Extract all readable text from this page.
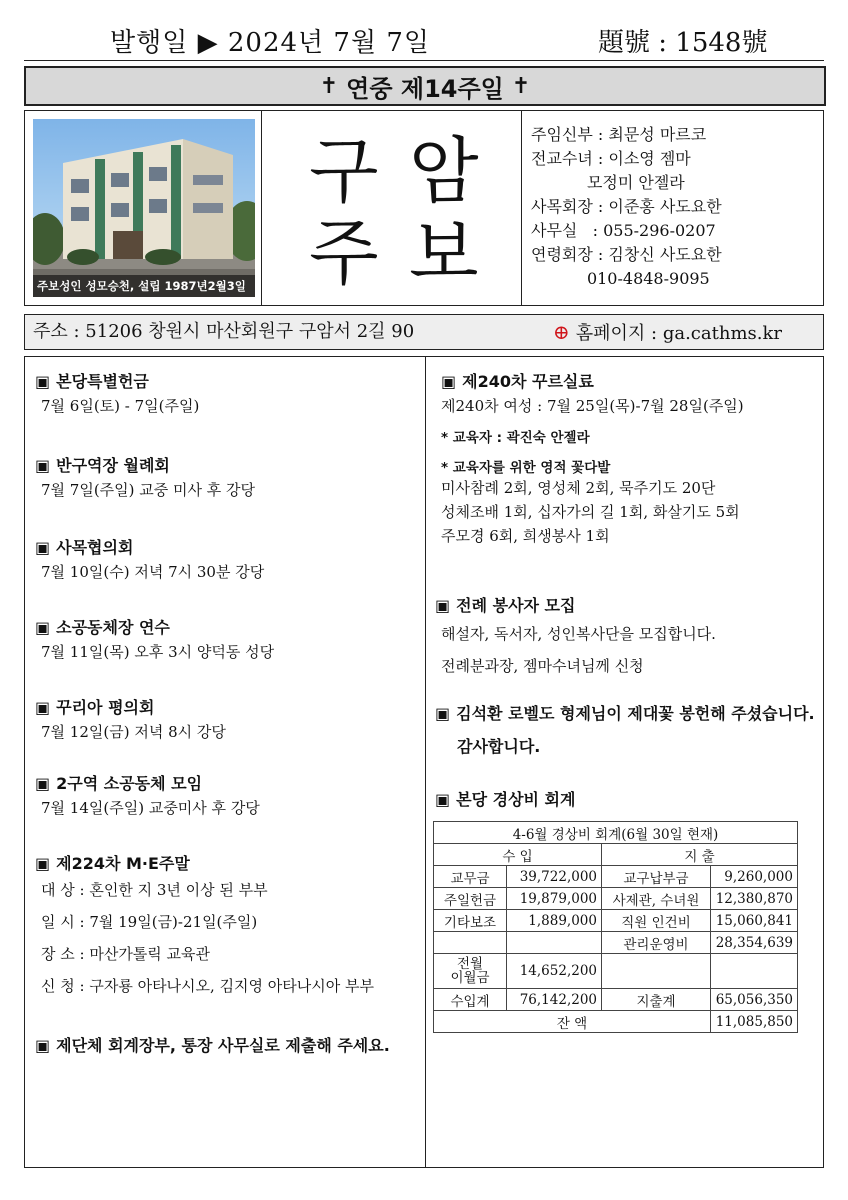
발행일 ▶ 2024년 7월 7일	題號 : 1548號
✝ 연중 제14주일 ✝
주보성인 성모승천, 설립 1987년2월3일
구 암
주 보
주임신부 : 최문성 마르코
전교수녀 : 이소영 젬마
모정미 안젤라
사목회장 : 이준홍 사도요한
사무실   : 055-296-0207
연령회장 : 김창신 사도요한
010-4848-9095
주소 : 51206 창원시 마산회원구 구암서 2길 90	⊕ 홈페이지 : ga.cathms.kr
▣ 본당특별헌금
7월 6일(토) - 7일(주일)
▣ 반구역장 월례회
7월 7일(주일) 교중 미사 후 강당
▣ 사목협의회
7월 10일(수) 저녁 7시 30분 강당
▣ 소공동체장 연수
7월 11일(목) 오후 3시 양덕동 성당
▣ 꾸리아 평의회
7월 12일(금) 저녁 8시 강당
▣ 2구역 소공동체 모임
7월 14일(주일) 교중미사 후 강당
▣ 제224차 M·E주말
대 상 : 혼인한 지 3년 이상 된 부부
일 시 : 7월 19일(금)-21일(주일)
장 소 : 마산가톨릭 교육관
신 청 : 구자룡 아타나시오, 김지영 아타나시아 부부
▣ 제단체 회계장부, 통장 사무실로 제출해 주세요.
▣ 제240차 꾸르실료
제240차 여성 : 7월 25일(목)-7월 28일(주일)
* 교육자 : 곽진숙 안젤라
* 교육자를 위한 영적 꽃다발
미사참례 2회, 영성체 2회, 묵주기도 20단
성체조배 1회, 십자가의 길 1회, 화살기도 5회
주모경 6회, 희생봉사 1회
▣ 전례 봉사자 모집
해설자, 독서자, 성인복사단을 모집합니다.
전례분과장, 젬마수녀님께 신청
▣ 김석환 로벨도 형제님이 제대꽃 봉헌해 주셨습니다.
감사합니다.
▣ 본당 경상비 회계
4-6월 경상비 회계(6월 30일 현재)			
수 입		지 출	
교무금	39,722,000	교구납부금	9,260,000
주일헌금	19,879,000	사제관, 수녀원	12,380,870
기타보조	1,889,000	직원 인건비	15,060,841
		관리운영비	28,354,639
전월
이월금	14,652,200		
수입계	76,142,200	지출계	65,056,350
잔 액			11,085,850
